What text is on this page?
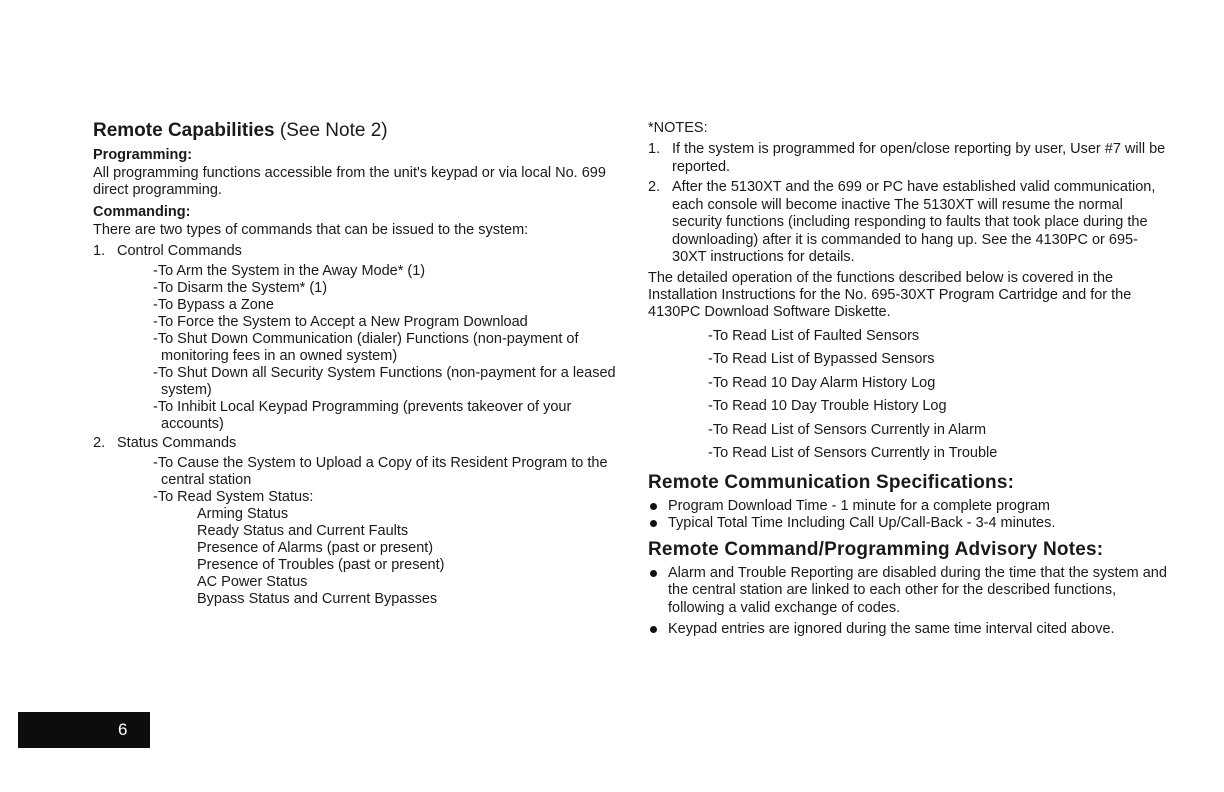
Remote Capabilities (See Note 2)
Programming:

All programming functions accessible from the unit's keypad or via local No. 699 direct programming.

Commanding:

There are two types of commands that can be issued to the system:

1. Control Commands
-To Arm the System in the Away Mode* (1)
-To Disarm the System* (1)
-To Bypass a Zone
-To Force the System to Accept a New Program Download
-To Shut Down Communication (dialer) Functions (non-payment of monitoring fees in an owned system)
-To Shut Down all Security System Functions (non-payment for a leased system)
-To Inhibit Local Keypad Programming (prevents takeover of your accounts)
2. Status Commands
-To Cause the System to Upload a Copy of its Resident Program to the central station
-To Read System Status:
Arming Status
Ready Status and Current Faults
Presence of Alarms (past or present)
Presence of Troubles (past or present)
AC Power Status
Bypass Status and Current Bypasses
*NOTES:
1. If the system is programmed for open/close reporting by user, User #7 will be reported.
2. After the 5130XT and the 699 or PC have established valid communication, each console will become inactive The 5130XT will resume the normal security functions (including responding to faults that took place during the downloading) after it is commanded to hang up. See the 4130PC or 695-30XT instructions for details.

The detailed operation of the functions described below is covered in the Installation Instructions for the No. 695-30XT Program Cartridge and for the 4130PC Download Software Diskette.

-To Read List of Faulted Sensors
-To Read List of Bypassed Sensors
-To Read 10 Day Alarm History Log
-To Read 10 Day Trouble History Log
-To Read List of Sensors Currently in Alarm
-To Read List of Sensors Currently in Trouble
Remote Communication Specifications:
Program Download Time - 1 minute for a complete program
Typical Total Time Including Call Up/Call-Back - 3-4 minutes.
Remote Command/Programming Advisory Notes:
Alarm and Trouble Reporting are disabled during the time that the system and the central station are linked to each other for the described functions, following a valid exchange of codes.
Keypad entries are ignored during the same time interval cited above.
6
